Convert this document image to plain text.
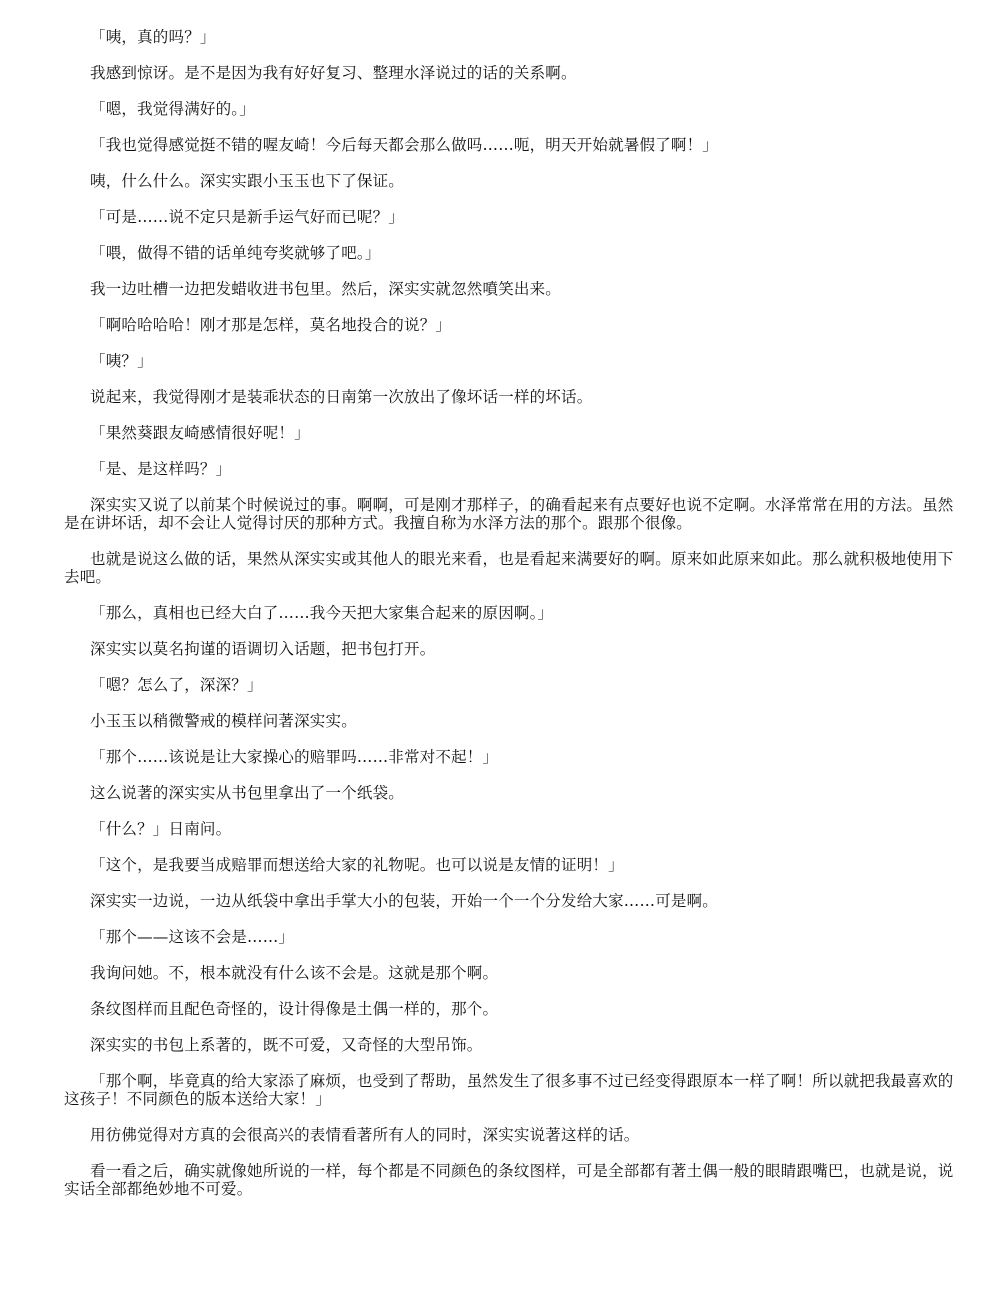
「咦，真的吗？」

我感到惊讶。是不是因为我有好好复习、整理水泽说过的话的关系啊。

「嗯，我觉得满好的。」

「我也觉得感觉挺不错的喔友崎！今后每天都会那么做吗……呃，明天开始就暑假了啊！」

咦，什么什么。深实实跟小玉玉也下了保证。

「可是……说不定只是新手运气好而已呢？」

「喂，做得不错的话单纯夸奖就够了吧。」

我一边吐槽一边把发蜡收进书包里。然后，深实实就忽然噴笑出来。

「啊哈哈哈哈！刚才那是怎样，莫名地投合的说？」

「咦？」

说起来，我觉得刚才是装乖状态的日南第一次放出了像坏话一样的坏话。

「果然葵跟友崎感情很好呢！」

「是、是这样吗？」

深实实又说了以前某个时候说过的事。啊啊，可是刚才那样子，的确看起来有点要好也说不定啊。水泽常常在用的方法。虽然是在讲坏话，却不会让人觉得讨厌的那种方式。我擅自称为水泽方法的那个。跟那个很像。

也就是说这么做的话，果然从深实实或其他人的眼光来看，也是看起来满要好的啊。原来如此原来如此。那么就积极地使用下去吧。

「那么，真相也已经大白了……我今天把大家集合起来的原因啊。」

深实实以莫名拘谨的语调切入话题，把书包打开。

「嗯？怎么了，深深？」

小玉玉以稍微警戒的模样问著深实实。

「那个……该说是让大家操心的赔罪吗……非常对不起！」

这么说著的深实实从书包里拿出了一个纸袋。

「什么？」日南问。

「这个，是我要当成赔罪而想送给大家的礼物呢。也可以说是友情的证明！」

深实实一边说，一边从纸袋中拿出手掌大小的包装，开始一个一个分发给大家……可是啊。

「那个——这该不会是……」

我询问她。不，根本就没有什么该不会是。这就是那个啊。

条纹图样而且配色奇怪的，设计得像是土偶一样的，那个。

深实实的书包上系著的，既不可爱，又奇怪的大型吊饰。

「那个啊，毕竟真的给大家添了麻烦，也受到了帮助，虽然发生了很多事不过已经变得跟原本一样了啊！所以就把我最喜欢的这孩子！不同颜色的版本送给大家！」

用彷佛觉得对方真的会很高兴的表情看著所有人的同时，深实实说著这样的话。

看一看之后，确实就像她所说的一样，每个都是不同颜色的条纹图样，可是全部都有著土偶一般的眼睛跟嘴巴，也就是说，说实话全部都绝妙地不可爱。
